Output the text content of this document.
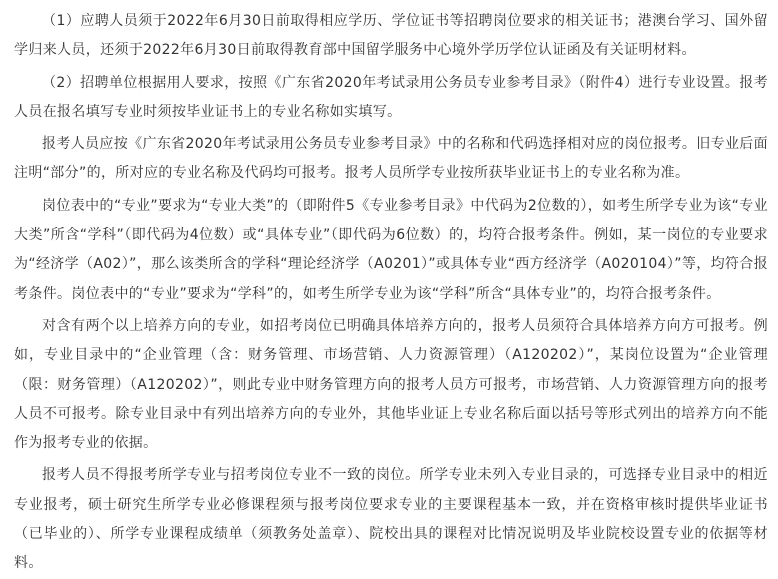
（1）应聘人员须于2022年6月30日前取得相应学历、学位证书等招聘岗位要求的相关证书；港澳台学习、国外留学归来人员，还须于2022年6月30日前取得教育部中国留学服务中心境外学历学位认证函及有关证明材料。

（2）招聘单位根据用人要求，按照《广东省2020年考试录用公务员专业参考目录》（附件4）进行专业设置。报考人员在报名填写专业时须按毕业证书上的专业名称如实填写。

报考人员应按《广东省2020年考试录用公务员专业参考目录》中的名称和代码选择相对应的岗位报考。旧专业后面注明“部分”的，所对应的专业名称及代码均可报考。报考人员所学专业按所获毕业证书上的专业名称为准。

岗位表中的“专业”要求为“专业大类”的（即附件5《专业参考目录》中代码为2位数的），如考生所学专业为该“专业大类”所含“学科”（即代码为4位数）或“具体专业”（即代码为6位数）的，均符合报考条件。例如，某一岗位的专业要求为“经济学（A02）”，那么该类所含的学科“理论经济学（A0201）”或具体专业“西方经济学（A020104）”等，均符合报考条件。岗位表中的“专业”要求为“学科”的，如考生所学专业为该“学科”所含“具体专业”的，均符合报考条件。

对含有两个以上培养方向的专业，如招考岗位已明确具体培养方向的，报考人员须符合具体培养方向方可报考。例如，专业目录中的“企业管理（含：财务管理、市场营销、人力资源管理）（A120202）”，某岗位设置为“企业管理（限：财务管理）（A120202）”，则此专业中财务管理方向的报考人员方可报考，市场营销、人力资源管理方向的报考人员不可报考。除专业目录中有列出培养方向的专业外，其他毕业证上专业名称后面以括号等形式列出的培养方向不能作为报考专业的依据。

报考人员不得报考所学专业与招考岗位专业不一致的岗位。所学专业未列入专业目录的，可选择专业目录中的相近专业报考，硕士研究生所学专业必修课程须与报考岗位要求专业的主要课程基本一致，并在资格审核时提供毕业证书（已毕业的）、所学专业课程成绩单（须教务处盖章）、院校出具的课程对比情况说明及毕业院校设置专业的依据等材料。
